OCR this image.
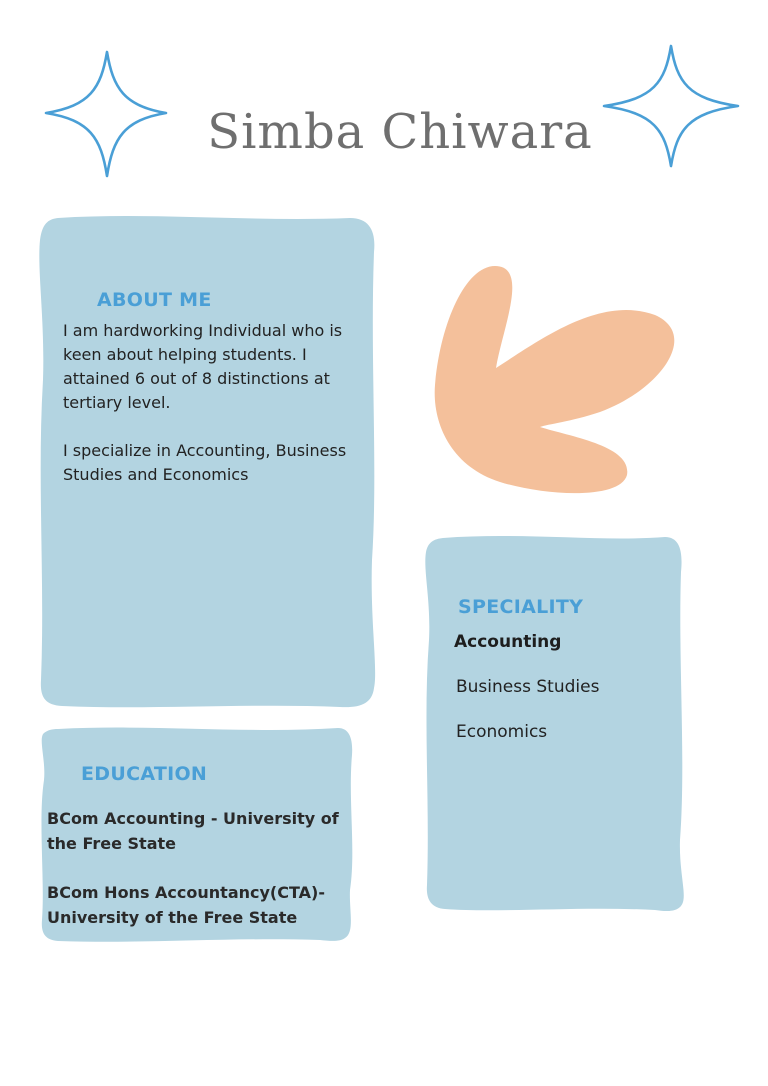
Simba Chiwara
ABOUT ME

I am hardworking Individual who is keen about helping students. I attained 6 out of 8 distinctions at tertiary level.

I specialize in Accounting, Business Studies and Economics

SPECIALITY
Accounting
Business Studies
Economics
EDUCATION
BCom Accounting - University of the Free State
BCom Hons Accountancy(CTA)- University of the Free State
